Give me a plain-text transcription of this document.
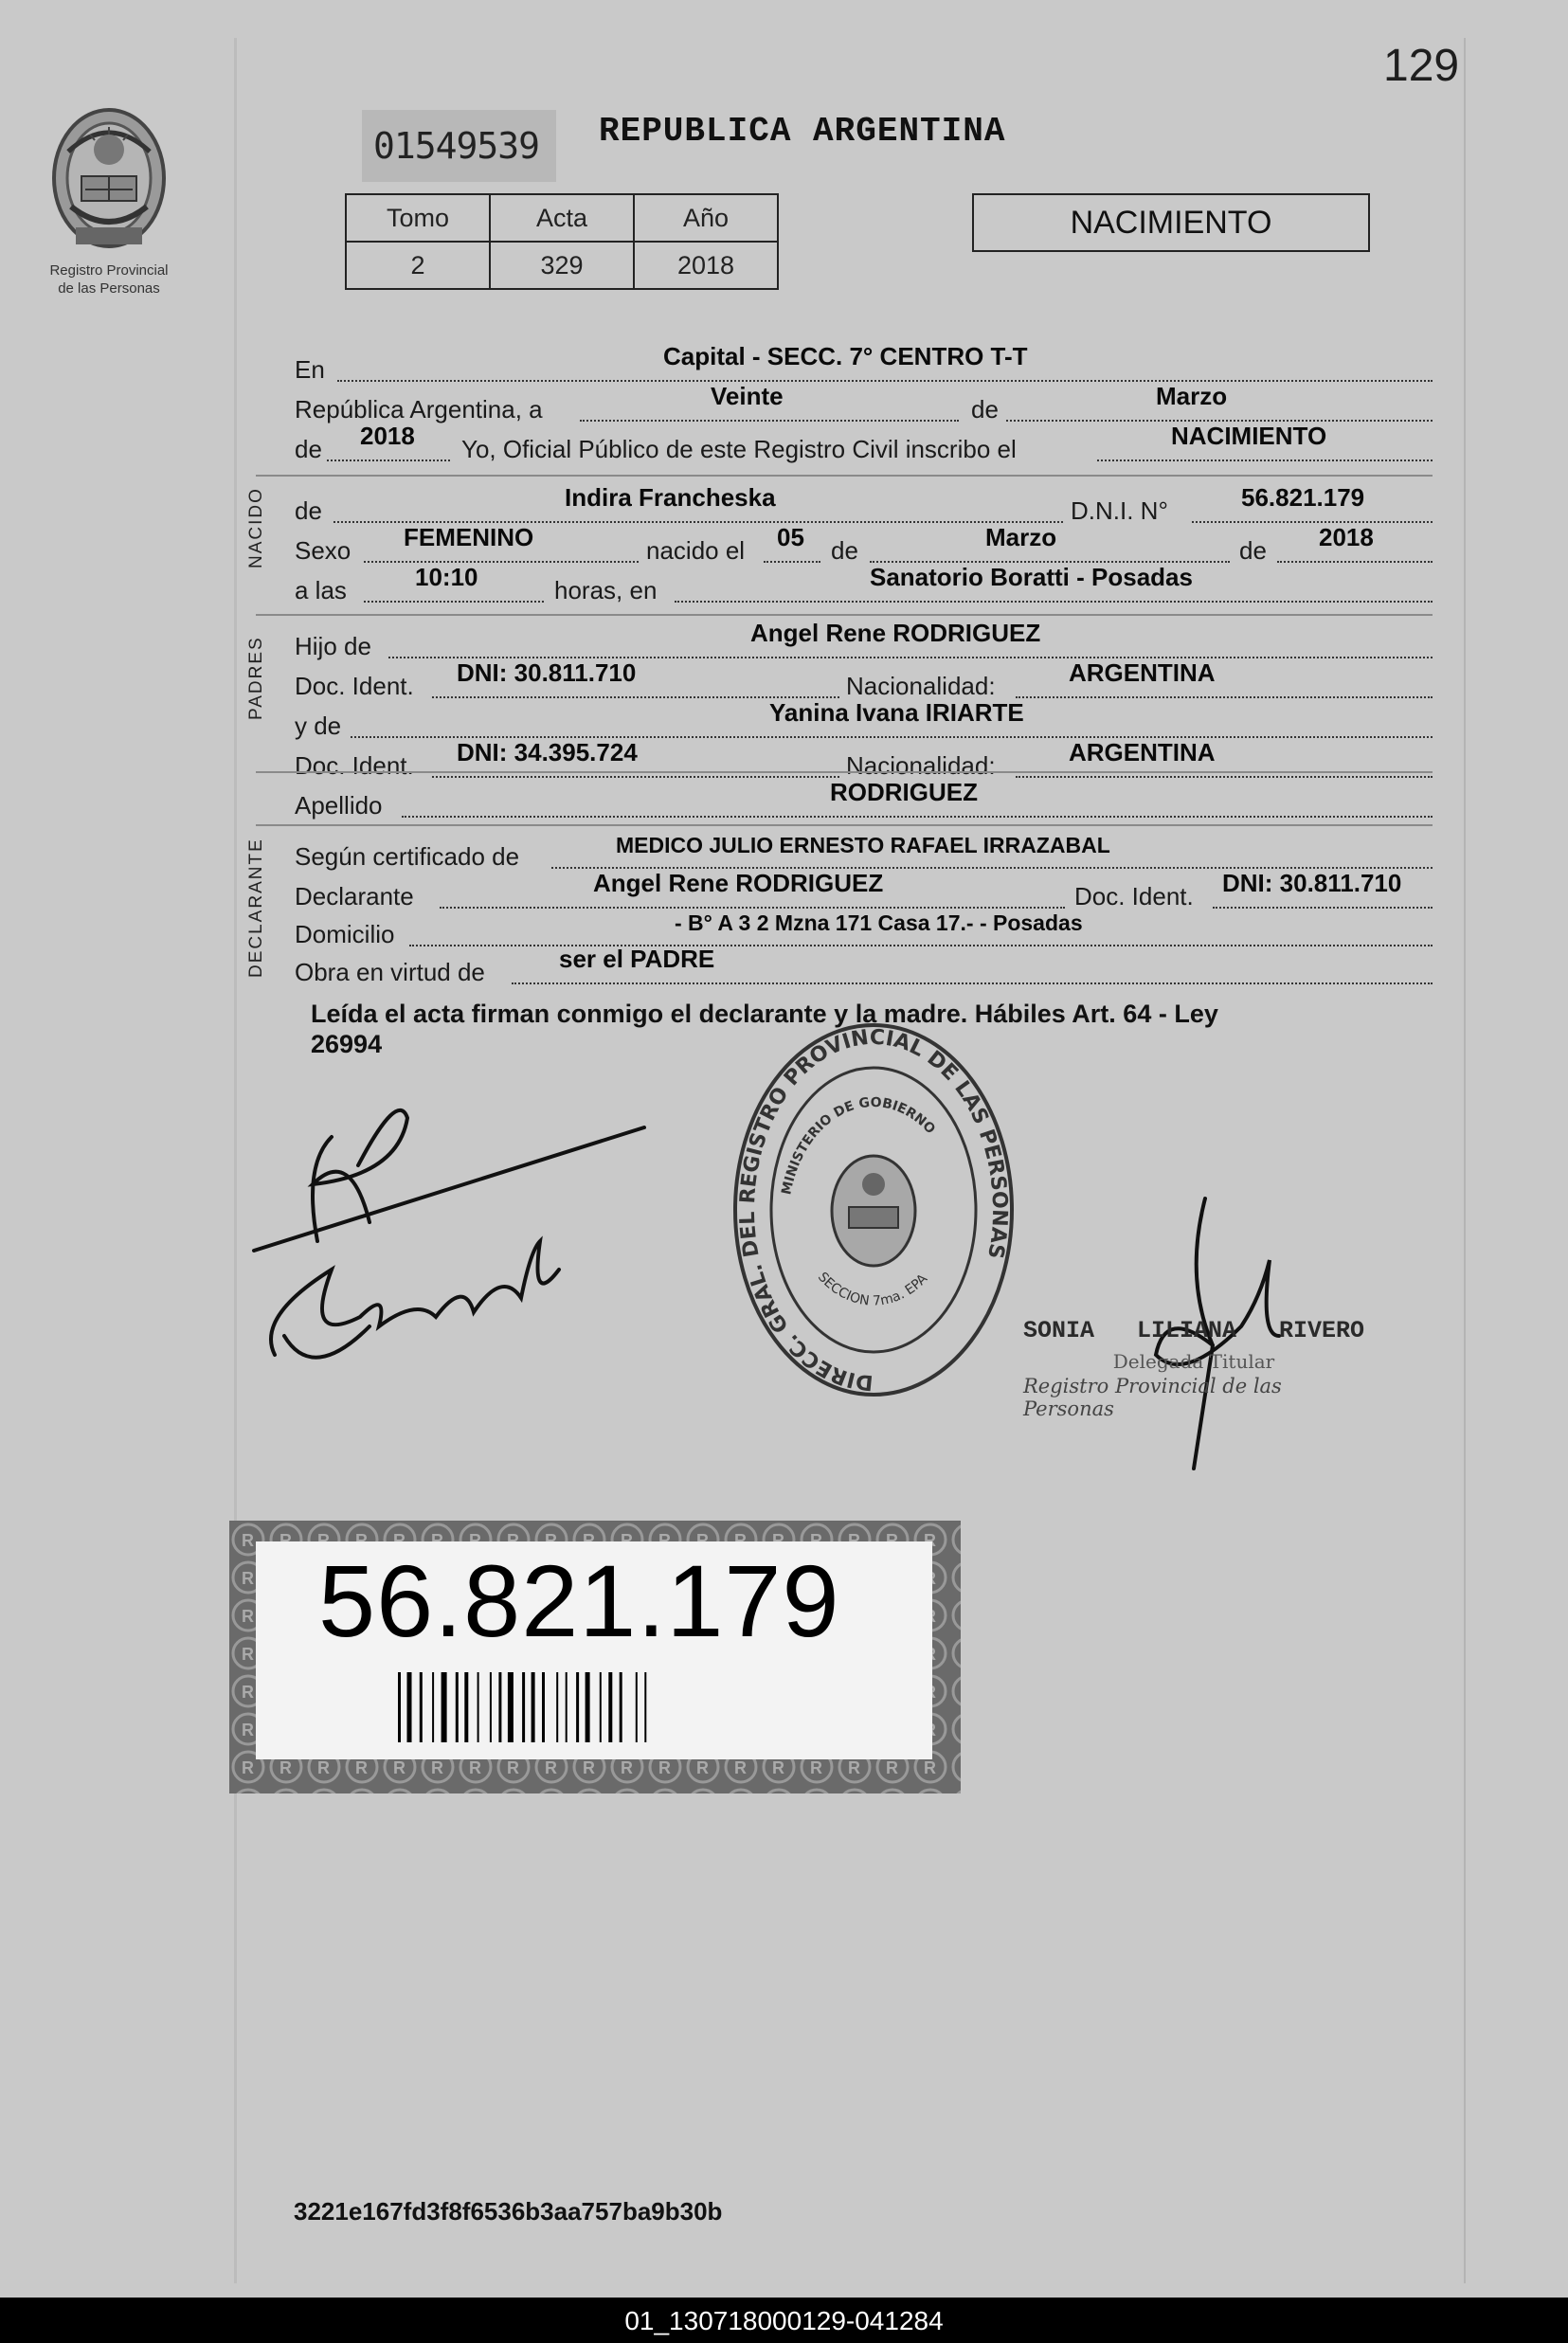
129
Registro Provincial
de las Personas
01549539 REPUBLICA ARGENTINA
Tomo	Acta	Año
2	329	2018
NACIMIENTO
NACIDO
PADRES
DECLARANTE
En	Capital - SECC. 7° CENTRO T-T
República Argentina, a	Veinte	de	Marzo
de 2018 Yo, Oficial Público de este Registro Civil inscribo el	NACIMIENTO
de	Indira Francheska	D.N.I. N°	56.821.179
Sexo FEMENINO	nacido el 05 de	Marzo	de 2018
a las	10:10	horas, en	Sanatorio Boratti - Posadas
Hijo de	Angel Rene RODRIGUEZ
Doc. Ident. DNI: 30.811.710	Nacionalidad:	ARGENTINA
y de	Yanina Ivana IRIARTE
Doc. Ident. DNI: 34.395.724	Nacionalidad:	ARGENTINA
Apellido	RODRIGUEZ
Según certificado de	MEDICO JULIO ERNESTO RAFAEL IRRAZABAL
Declarante	Angel Rene RODRIGUEZ	Doc. Ident. DNI: 30.811.710
Domicilio	- B° A 3 2 Mzna 171 Casa 17.- - Posadas
Obra en virtud de	ser el PADRE
Leída el acta firman conmigo el declarante y la madre. Hábiles Art. 64 - Ley
26994
DIRECC. GRAL. DEL REGISTRO PROVINCIAL DE LAS PERSONAS
MINISTERIO DE GOBIERNO
SECCION 7ma. EPA
SONIA LILIANA RIVERO
Delegada Titular
Registro Provincial de las Personas
56.821.179
3221e167fd3f8f6536b3aa757ba9b30b
01_130718000129-041284
